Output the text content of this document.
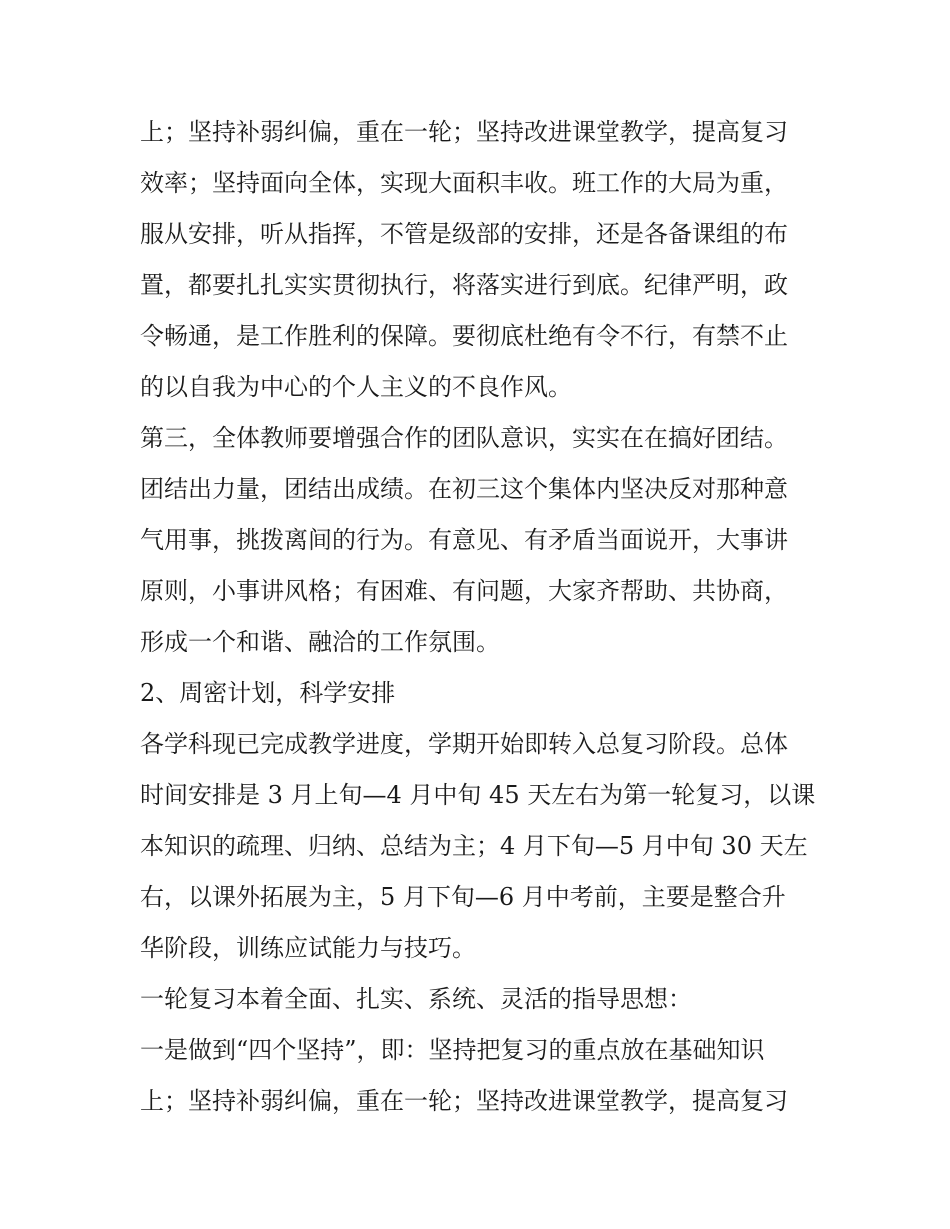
上；坚持补弱纠偏，重在一轮；坚持改进课堂教学，提高复习
效率；坚持面向全体，实现大面积丰收。班工作的大局为重，
服从安排，听从指挥，不管是级部的安排，还是各备课组的布
置，都要扎扎实实贯彻执行，将落实进行到底。纪律严明，政
令畅通，是工作胜利的保障。要彻底杜绝有令不行，有禁不止
的以自我为中心的个人主义的不良作风。
第三，全体教师要增强合作的团队意识，实实在在搞好团结。
团结出力量，团结出成绩。在初三这个集体内坚决反对那种意
气用事，挑拨离间的行为。有意见、有矛盾当面说开，大事讲
原则，小事讲风格；有困难、有问题，大家齐帮助、共协商，
形成一个和谐、融洽的工作氛围。
2、周密计划，科学安排
各学科现已完成教学进度，学期开始即转入总复习阶段。总体
时间安排是 3 月上旬—4 月中旬 45 天左右为第一轮复习，以课
本知识的疏理、归纳、总结为主；4 月下旬—5 月中旬 30 天左
右，以课外拓展为主，5 月下旬—6 月中考前，主要是整合升
华阶段，训练应试能力与技巧。
一轮复习本着全面、扎实、系统、灵活的指导思想：
一是做到“四个坚持”，即：坚持把复习的重点放在基础知识
上；坚持补弱纠偏，重在一轮；坚持改进课堂教学，提高复习
